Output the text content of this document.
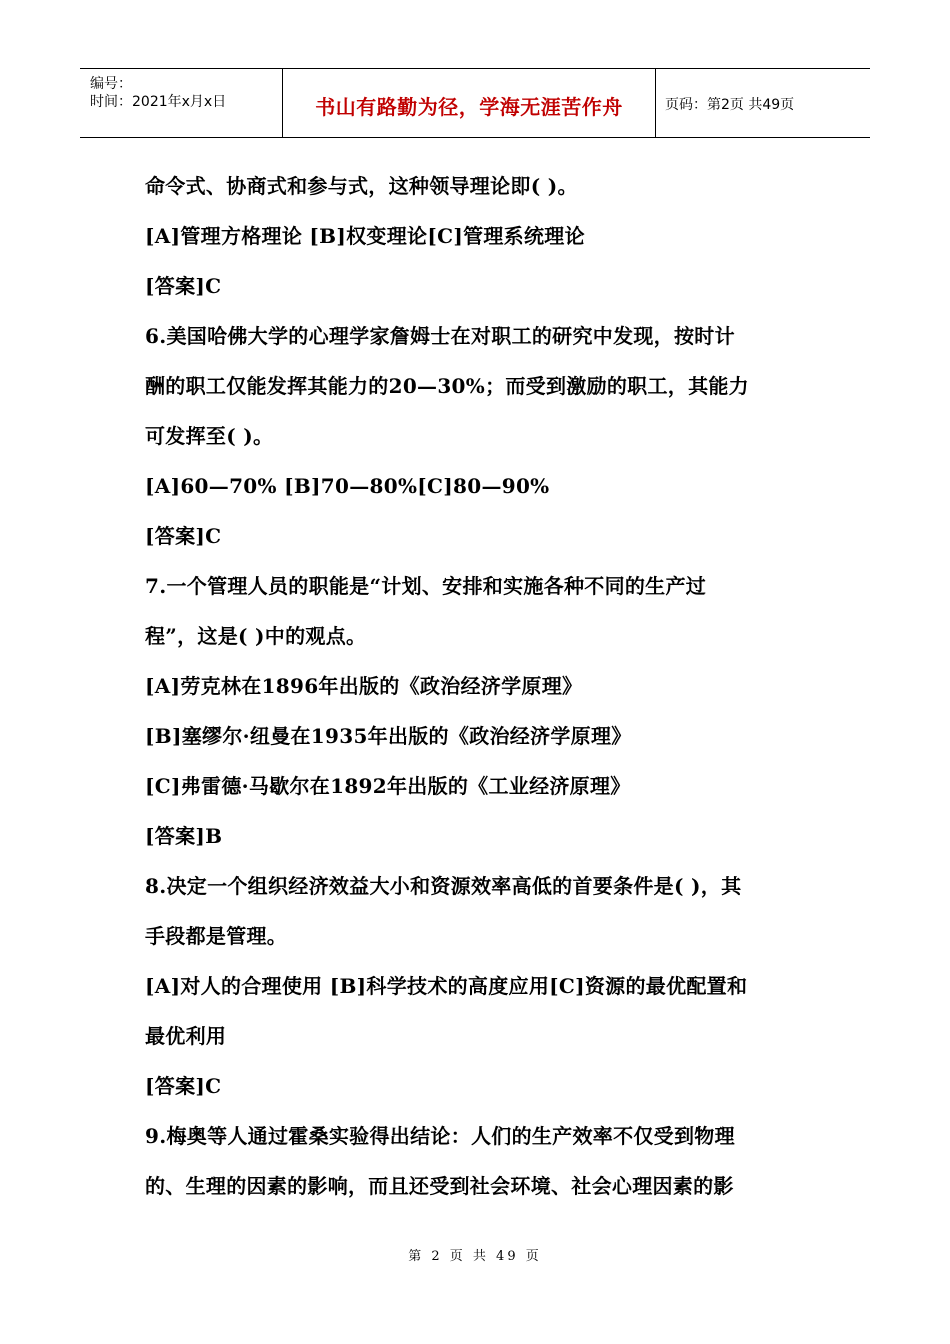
编号：
时间：2021年x月x日	书山有路勤为径，学海无涯苦作舟	页码：第2页 共49页
命令式、协商式和参与式，这种领导理论即( )。
[A]管理方格理论 [B]权变理论[C]管理系统理论
[答案]C
6.美国哈佛大学的心理学家詹姆士在对职工的研究中发现，按时计
酬的职工仅能发挥其能力的20—30%；而受到激励的职工，其能力
可发挥至( )。
[A]60—70% [B]70—80%[C]80—90%
[答案]C
7.一个管理人员的职能是“计划、安排和实施各种不同的生产过
程”，这是( )中的观点。
[A]劳克林在1896年出版的《政治经济学原理》
[B]塞缪尔·纽曼在1935年出版的《政治经济学原理》
[C]弗雷德·马歇尔在1892年出版的《工业经济原理》
[答案]B
8.决定一个组织经济效益大小和资源效率高低的首要条件是( )，其
手段都是管理。
[A]对人的合理使用 [B]科学技术的高度应用[C]资源的最优配置和
最优利用
[答案]C
9.梅奥等人通过霍桑实验得出结论：人们的生产效率不仅受到物理
的、生理的因素的影响，而且还受到社会环境、社会心理因素的影
第 2 页 共 49 页
